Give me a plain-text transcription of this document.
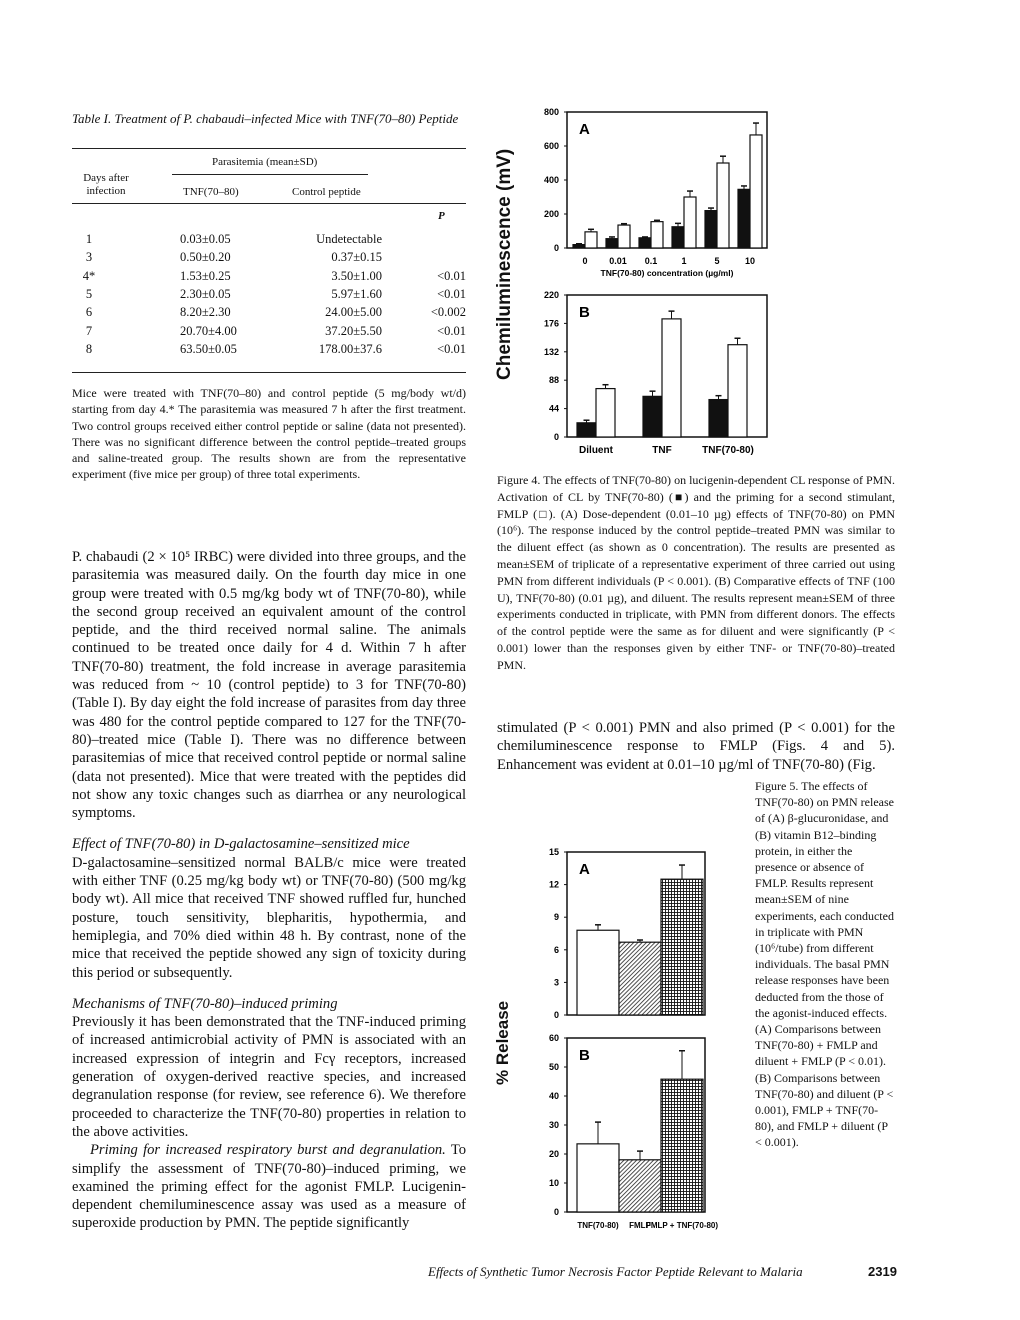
Table I. Treatment of P. chabaudi–infected Mice with TNF(70–80) Peptide
Parasitemia (mean±SD)
Days after infection	TNF(70–80)	Control peptide
P
1	0.03±0.05	Undetectable
3	0.50±0.20	0.37±0.15
4*	1.53±0.25	3.50±1.00	<0.01
5	2.30±0.05	5.97±1.60	<0.01
6	8.20±2.30	24.00±5.00	<0.002
7	20.70±4.00	37.20±5.50	<0.01
8	63.50±0.05	178.00±37.6	<0.01
Mice were treated with TNF(70–80) and control peptide (5 mg/body wt/d) starting from day 4.* The parasitemia was measured 7 h after the first treatment. Two control groups received either control peptide or saline (data not presented). There was no significant difference between the control peptide–treated groups and saline-treated group. The results shown are from the representative experiment (five mice per group) of three total experiments.

P. chabaudi (2 × 10⁵ IRBC) were divided into three groups, and the parasitemia was measured daily. On the fourth day mice in one group were treated with 0.5 mg/kg body wt of TNF(70-80), while the second group received an equivalent amount of the control peptide, and the third received normal saline. The animals continued to be treated once daily for 4 d. Within 7 h after TNF(70-80) treatment, the fold increase in average parasitemia was reduced from ~ 10 (control peptide) to 3 for TNF(70-80) (Table I). By day eight the fold increase of parasites from day three was 480 for the control peptide compared to 127 for the TNF(70-80)–treated mice (Table I). There was no difference between parasitemias of mice that received control peptide or normal saline (data not presented). Mice that were treated with the peptides did not show any toxic changes such as diarrhea or any neurological symptoms.

Effect of TNF(70-80) in D-galactosamine–sensitized mice

D-galactosamine–sensitized normal BALB/c mice were treated with either TNF (0.25 mg/kg body wt) or TNF(70-80) (500 mg/kg body wt). All mice that received TNF showed ruffled fur, hunched posture, touch sensitivity, blepharitis, hypothermia, and hemiplegia, and 70% died within 48 h. By contrast, none of the mice that received the peptide showed any sign of toxicity during this period or subsequently.

Mechanisms of TNF(70-80)–induced priming

Previously it has been demonstrated that the TNF-induced priming of increased antimicrobial activity of PMN is associated with an increased expression of integrin and Fcγ receptors, increased generation of oxygen-derived reactive species, and increased degranulation response (for review, see reference 6). We therefore proceeded to characterize the TNF(70-80) properties in relation to the above activities.

Priming for increased respiratory burst and degranulation. To simplify the assessment of TNF(70-80)–induced priming, we examined the priming effect for the agonist FMLP. Lucigenin-dependent chemiluminescence assay was used as a measure of superoxide production by PMN. The peptide significantly

Chemiluminescence (mV)	0
200
400
600
800
A
0 0.01 0.1	1	5	10
TNF(70-80) concentration (µg/ml)
0
44
88
132
176
220
B
Diluent	TNF	TNF(70-80)
Figure 4. The effects of TNF(70-80) on lucigenin-dependent CL response of PMN. Activation of CL by TNF(70-80) (■) and the priming for a second stimulant, FMLP (□). (A) Dose-dependent (0.01–10 µg) effects of TNF(70-80) on PMN (10⁶). The response induced by the control peptide–treated PMN was similar to the diluent effect (as shown as 0 concentration). The results are presented as mean±SEM of triplicate of a representative experiment of three carried out using PMN from different individuals (P < 0.001). (B) Comparative effects of TNF (100 U), TNF(70-80) (0.01 µg), and diluent. The results represent mean±SEM of three experiments conducted in triplicate, with PMN from different donors. The effects of the control peptide were the same as for diluent and were significantly (P < 0.001) lower than the responses given by either TNF- or TNF(70-80)–treated PMN.
stimulated (P < 0.001) PMN and also primed (P < 0.001) for the chemiluminescence response to FMLP (Figs. 4 and 5). Enhancement was evident at 0.01–10 µg/ml of TNF(70-80) (Fig.
% Release	0
3
6
9
12
15
A
0
10
20
30
40
50
60
B
TNF(70-80) FMLP
FMLP + TNF(70-80)
Figure 5. The effects of TNF(70-80) on PMN release of (A) β-glucuronidase, and (B) vitamin B12–binding protein, in either the presence or absence of FMLP. Results represent mean±SEM of nine experiments, each conducted in triplicate with PMN (10⁶/tube) from different individuals. The basal PMN release responses have been deducted from the those of the agonist-induced effects. (A) Comparisons between TNF(70-80) + FMLP and diluent + FMLP (P < 0.01). (B) Comparisons between TNF(70-80) and diluent (P < 0.001), FMLP + TNF(70-80), and FMLP + diluent (P < 0.001).
Effects of Synthetic Tumor Necrosis Factor Peptide Relevant to Malaria	2319
